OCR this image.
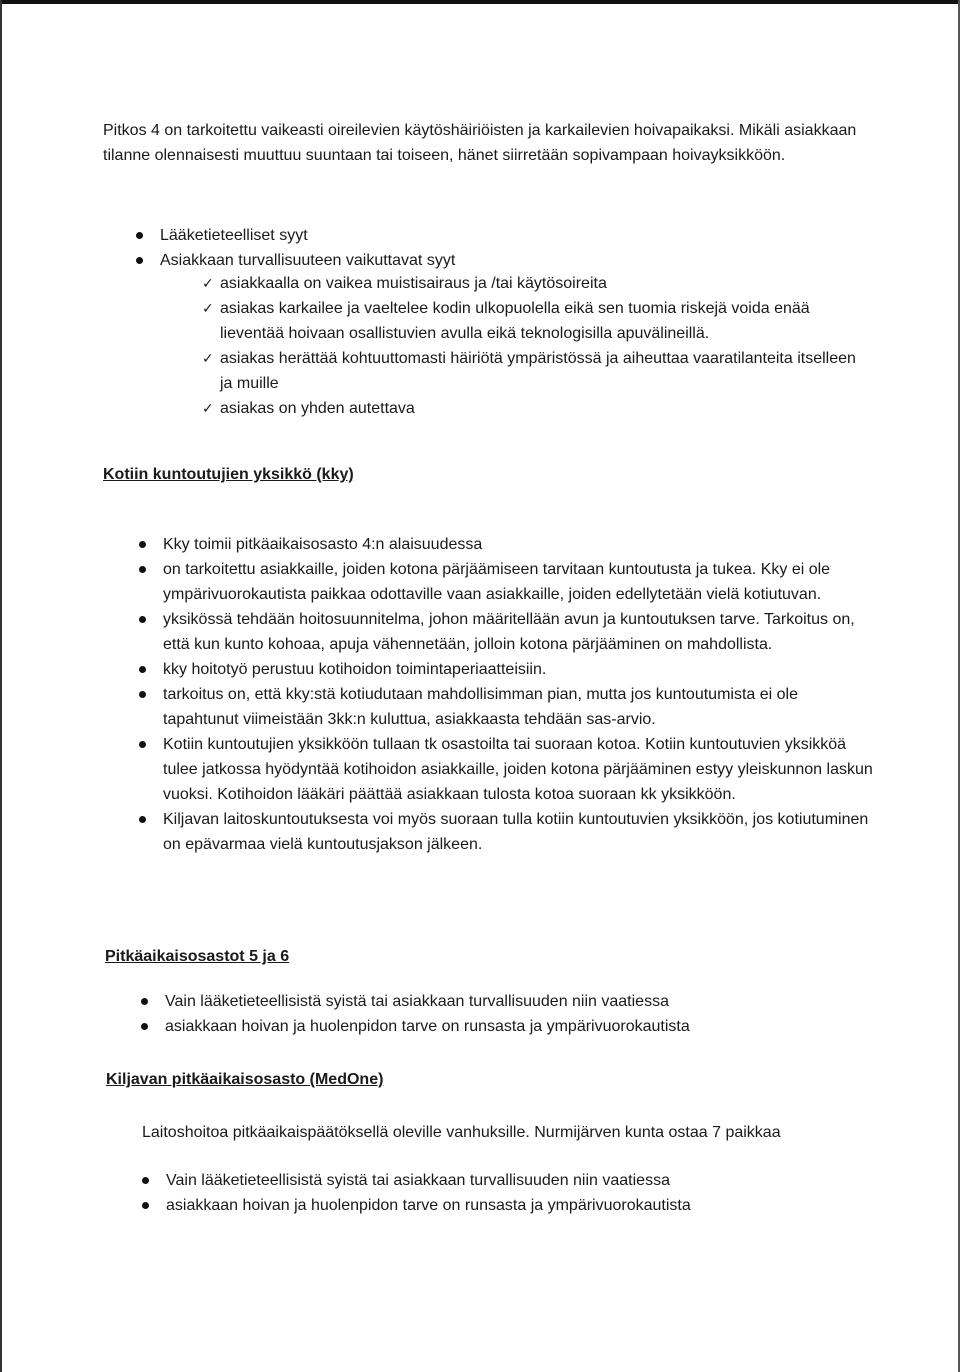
Pitkos 4 on tarkoitettu vaikeasti oireilevien käytöshäiriöisten ja karkailevien hoivapaikaksi. Mikäli asiakkaan tilanne olennaisesti muuttuu suuntaan tai toiseen, hänet siirretään sopivampaan hoivayksikköön.

Lääketieteelliset syyt
Asiakkaan turvallisuuteen vaikuttavat syyt
✓ asiakkaalla on vaikea muistisairaus ja /tai käytösoireita
✓ asiakas karkailee ja vaeltelee kodin ulkopuolella eikä sen tuomia riskejä voida enää lieventää hoivaan osallistuvien avulla eikä teknologisilla apuvälineillä.
✓ asiakas herättää kohtuuttomasti häiriötä ympäristössä ja aiheuttaa vaaratilanteita itselleen ja muille
✓ asiakas on yhden autettava
Kotiin kuntoutujien yksikkö (kky)
Kky toimii pitkäaikaisosasto 4:n alaisuudessa
on tarkoitettu asiakkaille, joiden kotona pärjäämiseen tarvitaan kuntoutusta ja tukea. Kky ei ole ympärivuorokautista paikkaa odottaville vaan asiakkaille, joiden edellytetään vielä kotiutuvan.
yksikössä tehdään hoitosuunnitelma, johon määritellään avun ja kuntoutuksen tarve. Tarkoitus on, että kun kunto kohoaa, apuja vähennetään, jolloin kotona pärjääminen on mahdollista.
kky hoitotyö perustuu kotihoidon toimintaperiaatteisiin.
tarkoitus on, että kky:stä kotiudutaan mahdollisimman pian, mutta jos kuntoutumista ei ole tapahtunut viimeistään 3kk:n kuluttua, asiakkaasta tehdään sas-arvio.
Kotiin kuntoutujien yksikköön tullaan tk osastoilta tai suoraan kotoa. Kotiin kuntoutuvien yksikköä tulee jatkossa hyödyntää kotihoidon asiakkaille, joiden kotona pärjääminen estyy yleiskunnon laskun vuoksi. Kotihoidon lääkäri päättää asiakkaan tulosta kotoa suoraan kk yksikköön.
Kiljavan laitoskuntoutuksesta voi myös suoraan tulla kotiin kuntoutuvien yksikköön, jos kotiutuminen on epävarmaa vielä kuntoutusjakson jälkeen.
Pitkäaikaisosastot 5 ja 6
Vain lääketieteellisistä syistä tai asiakkaan turvallisuuden niin vaatiessa
asiakkaan hoivan ja huolenpidon tarve on runsasta ja ympärivuorokautista
Kiljavan pitkäaikaisosasto (MedOne)

Laitoshoitoa pitkäaikaispäätöksellä oleville vanhuksille. Nurmijärven kunta ostaa 7 paikkaa

Vain lääketieteellisistä syistä tai asiakkaan turvallisuuden niin vaatiessa
asiakkaan hoivan ja huolenpidon tarve on runsasta ja ympärivuorokautista
